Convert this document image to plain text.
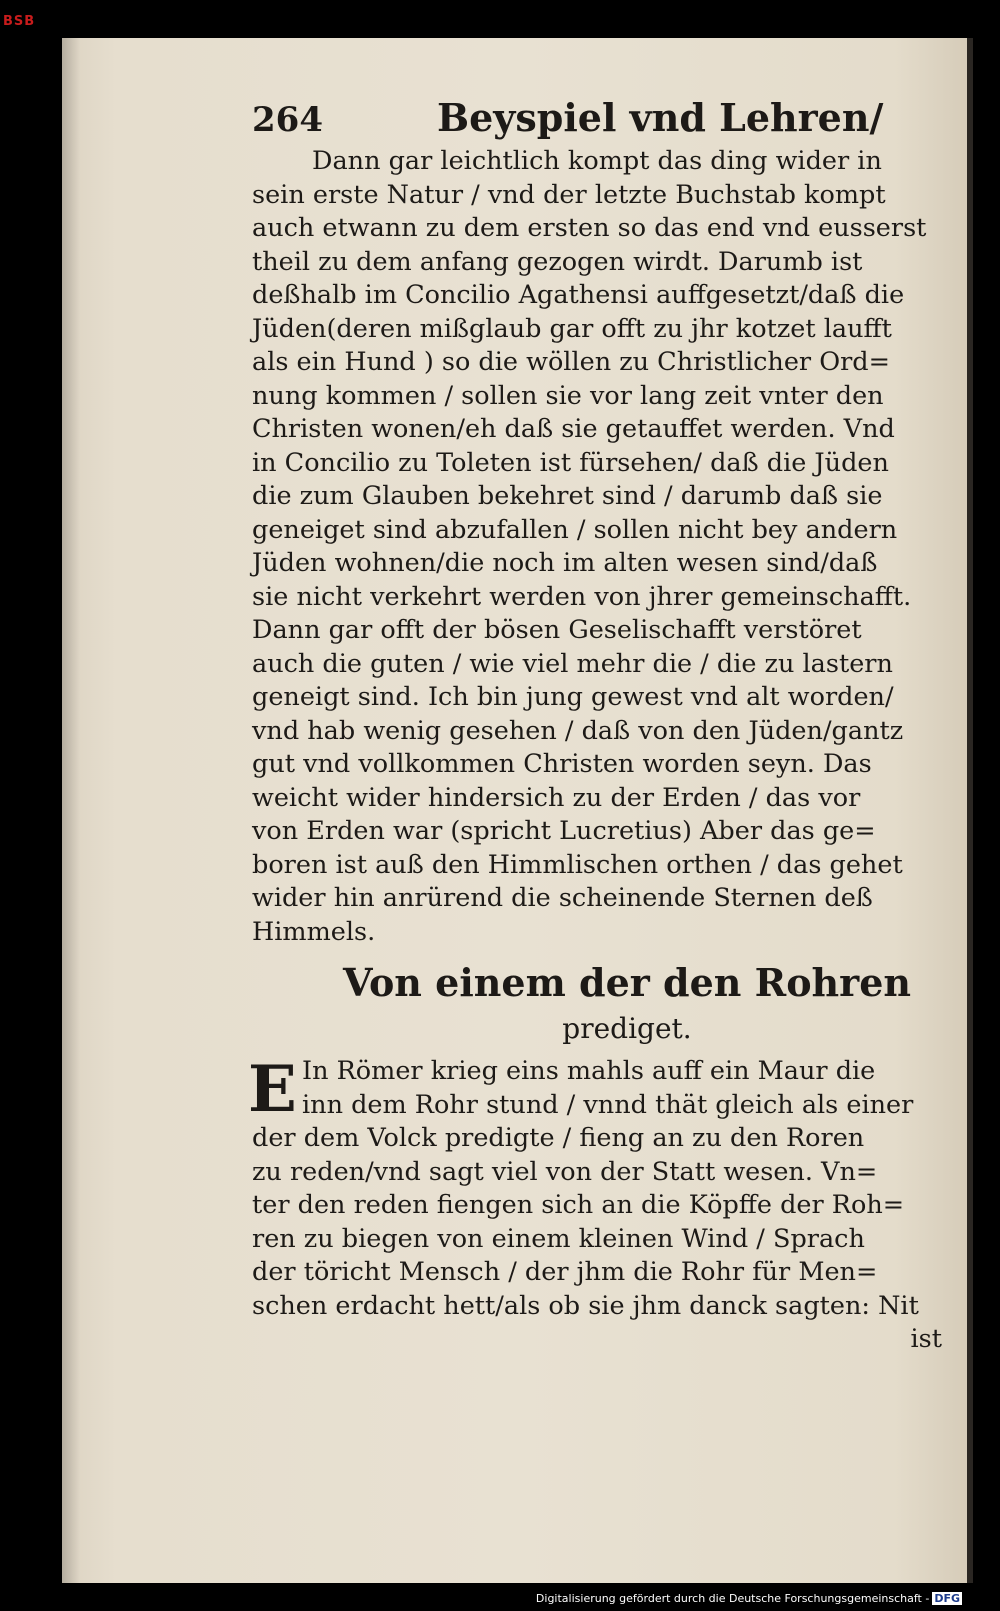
BSB
264	Beyspiel vnd Lehren/
Dann gar leichtlich kompt das ding wider in
sein erste Natur / vnd der letzte Buchstab kompt
auch etwann zu dem ersten so das end vnd eusserst
theil zu dem anfang gezogen wirdt. Darumb ist
deßhalb im Concilio Agathensi auffgesetzt/daß die
Jüden(deren mißglaub gar offt zu jhr kotzet laufft
als ein Hund ) so die wöllen zu Christlicher Ord=
nung kommen / sollen sie vor lang zeit vnter den
Christen wonen/eh daß sie getauffet werden. Vnd
in Concilio zu Toleten ist fürsehen/ daß die Jüden
die zum Glauben bekehret sind / darumb daß sie
geneiget sind abzufallen / sollen nicht bey andern
Jüden wohnen/die noch im alten wesen sind/daß
sie nicht verkehrt werden von jhrer gemeinschafft.
Dann gar offt der bösen Geselischafft verstöret
auch die guten / wie viel mehr die / die zu lastern
geneigt sind. Ich bin jung gewest vnd alt worden/
vnd hab wenig gesehen / daß von den Jüden/gantz
gut vnd vollkommen Christen worden seyn. Das
weicht wider hindersich zu der Erden / das vor
von Erden war (spricht Lucretius) Aber das ge=
boren ist auß den Himmlischen orthen / das gehet
wider hin anrürend die scheinende Sternen deß
Himmels.
Von einem der den Rohren
prediget.
E In Römer krieg eins mahls auff ein Maur die
inn dem Rohr stund / vnnd thät gleich als einer
der dem Volck predigte / fieng an zu den Roren
zu reden/vnd sagt viel von der Statt wesen. Vn=
ter den reden fiengen sich an die Köpffe der Roh=
ren zu biegen von einem kleinen Wind / Sprach
der töricht Mensch / der jhm die Rohr für Men=
schen erdacht hett/als ob sie jhm danck sagten: Nit
ist
Digitalisierung gefördert durch die Deutsche Forschungsgemeinschaft - DFG
